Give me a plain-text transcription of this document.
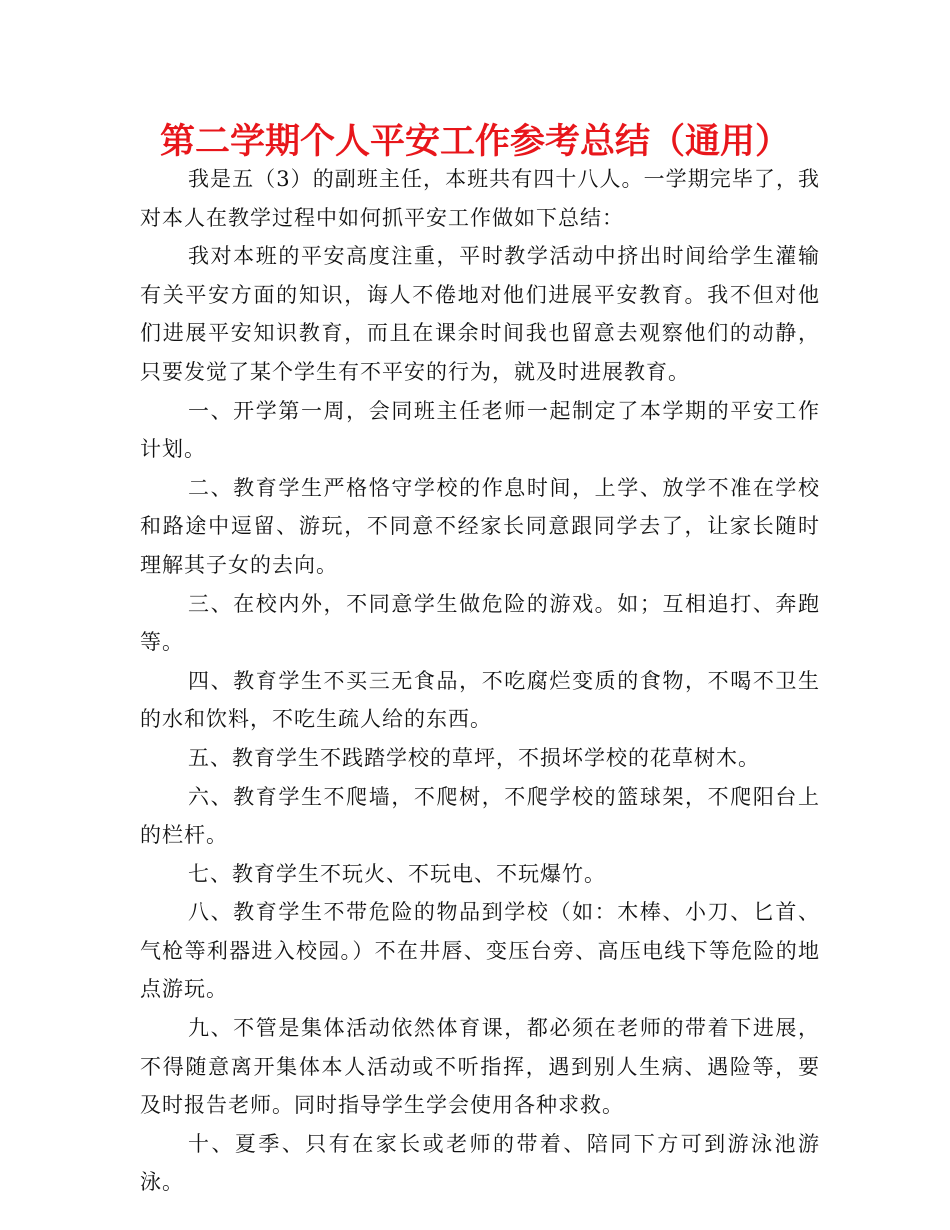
第二学期个人平安工作参考总结（通用）

我是五（3）的副班主任，本班共有四十八人。一学期完毕了，我对本人在教学过程中如何抓平安工作做如下总结：

我对本班的平安高度注重，平时教学活动中挤出时间给学生灌输有关平安方面的知识，诲人不倦地对他们进展平安教育。我不但对他们进展平安知识教育，而且在课余时间我也留意去观察他们的动静，只要发觉了某个学生有不平安的行为，就及时进展教育。

一、开学第一周，会同班主任老师一起制定了本学期的平安工作计划。

二、教育学生严格恪守学校的作息时间，上学、放学不准在学校和路途中逗留、游玩，不同意不经家长同意跟同学去了，让家长随时理解其子女的去向。

三、在校内外，不同意学生做危险的游戏。如；互相追打、奔跑等。

四、教育学生不买三无食品，不吃腐烂变质的食物，不喝不卫生的水和饮料，不吃生疏人给的东西。

五、教育学生不践踏学校的草坪，不损坏学校的花草树木。

六、教育学生不爬墙，不爬树，不爬学校的篮球架，不爬阳台上的栏杆。

七、教育学生不玩火、不玩电、不玩爆竹。

八、教育学生不带危险的物品到学校（如：木棒、小刀、匕首、气枪等利器进入校园。）不在井唇、变压台旁、高压电线下等危险的地点游玩。

九、不管是集体活动依然体育课，都必须在老师的带着下进展，不得随意离开集体本人活动或不听指挥，遇到别人生病、遇险等，要及时报告老师。同时指导学生学会使用各种求救。

十、夏季、只有在家长或老师的带着、陪同下方可到游泳池游泳。
